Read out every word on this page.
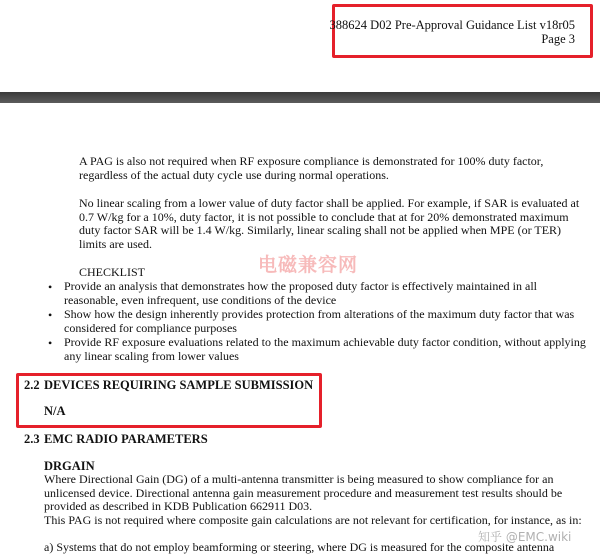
388624 D02 Pre-Approval Guidance List v18r05
Page 3

A PAG is also not required when RF exposure compliance is demonstrated for 100% duty factor, regardless of the actual duty cycle use during normal operations.

No linear scaling from a lower value of duty factor shall be applied. For example, if SAR is evaluated at 0.7 W/kg for a 10%, duty factor, it is not possible to conclude that at for 20% demonstrated maximum duty factor SAR will be 1.4 W/kg. Similarly, linear scaling shall not be applied when MPE (or TER) limits are used.

CHECKLIST

• Provide an analysis that demonstrates how the proposed duty factor is effectively maintained in all reasonable, even infrequent, use conditions of the device

• Show how the design inherently provides protection from alterations of the maximum duty factor that was considered for compliance purposes

• Provide RF exposure evaluations related to the maximum achievable duty factor condition, without applying any linear scaling from lower values

2.2 DEVICES REQUIRING SAMPLE SUBMISSION
N/A
2.3 EMC RADIO PARAMETERS
DRGAIN

Where Directional Gain (DG) of a multi-antenna transmitter is being measured to show compliance for an unlicensed device. Directional antenna gain measurement procedure and measurement test results should be provided as described in KDB Publication 662911 D03.

This PAG is not required where composite gain calculations are not relevant for certification, for instance, as in:

a) Systems that do not employ beamforming or steering, where DG is measured for the composite antenna

电磁兼容网
知乎 @EMC.wiki
